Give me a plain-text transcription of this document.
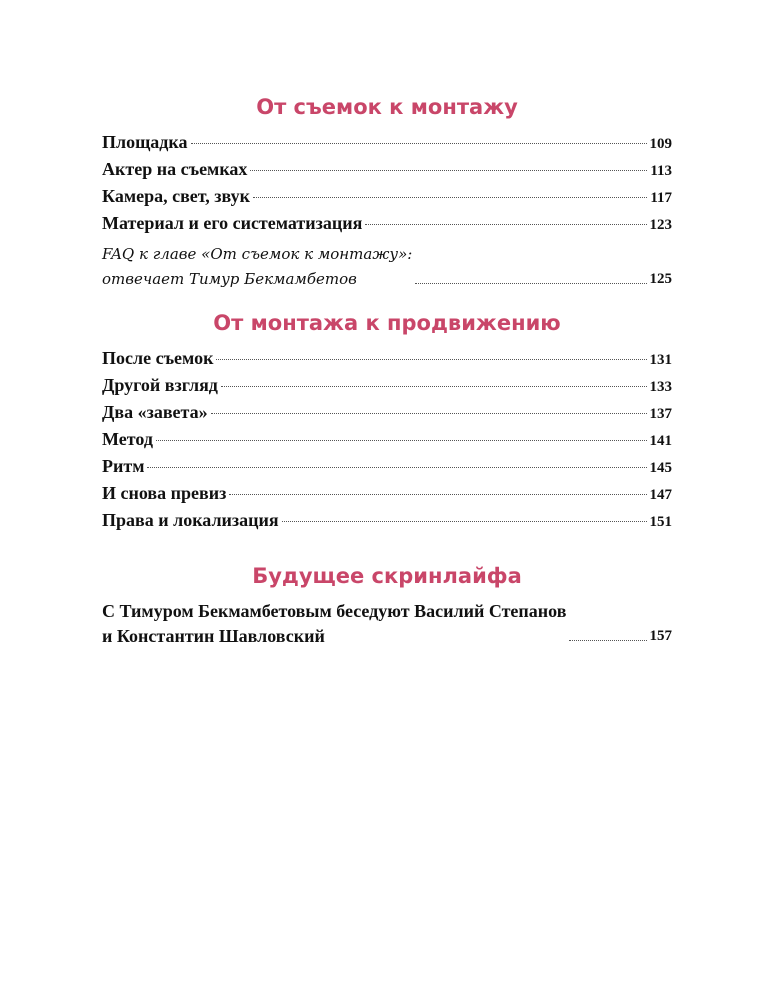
От съемок к монтажу
Площадка	109
Актер на съемках	113
Камера, свет, звук	117
Материал и его систематизация	123
FAQ к главе «От съемок к монтажу»:
отвечает Тимур Бекмамбетов	125
От монтажа к продвижению
После съемок	131
Другой взгляд	133
Два «завета»	137
Метод	141
Ритм	145
И снова превиз	147
Права и локализация	151
Будущее скринлайфа
С Тимуром Бекмамбетовым беседуют Василий Степанов
и Константин Шавловский	157
